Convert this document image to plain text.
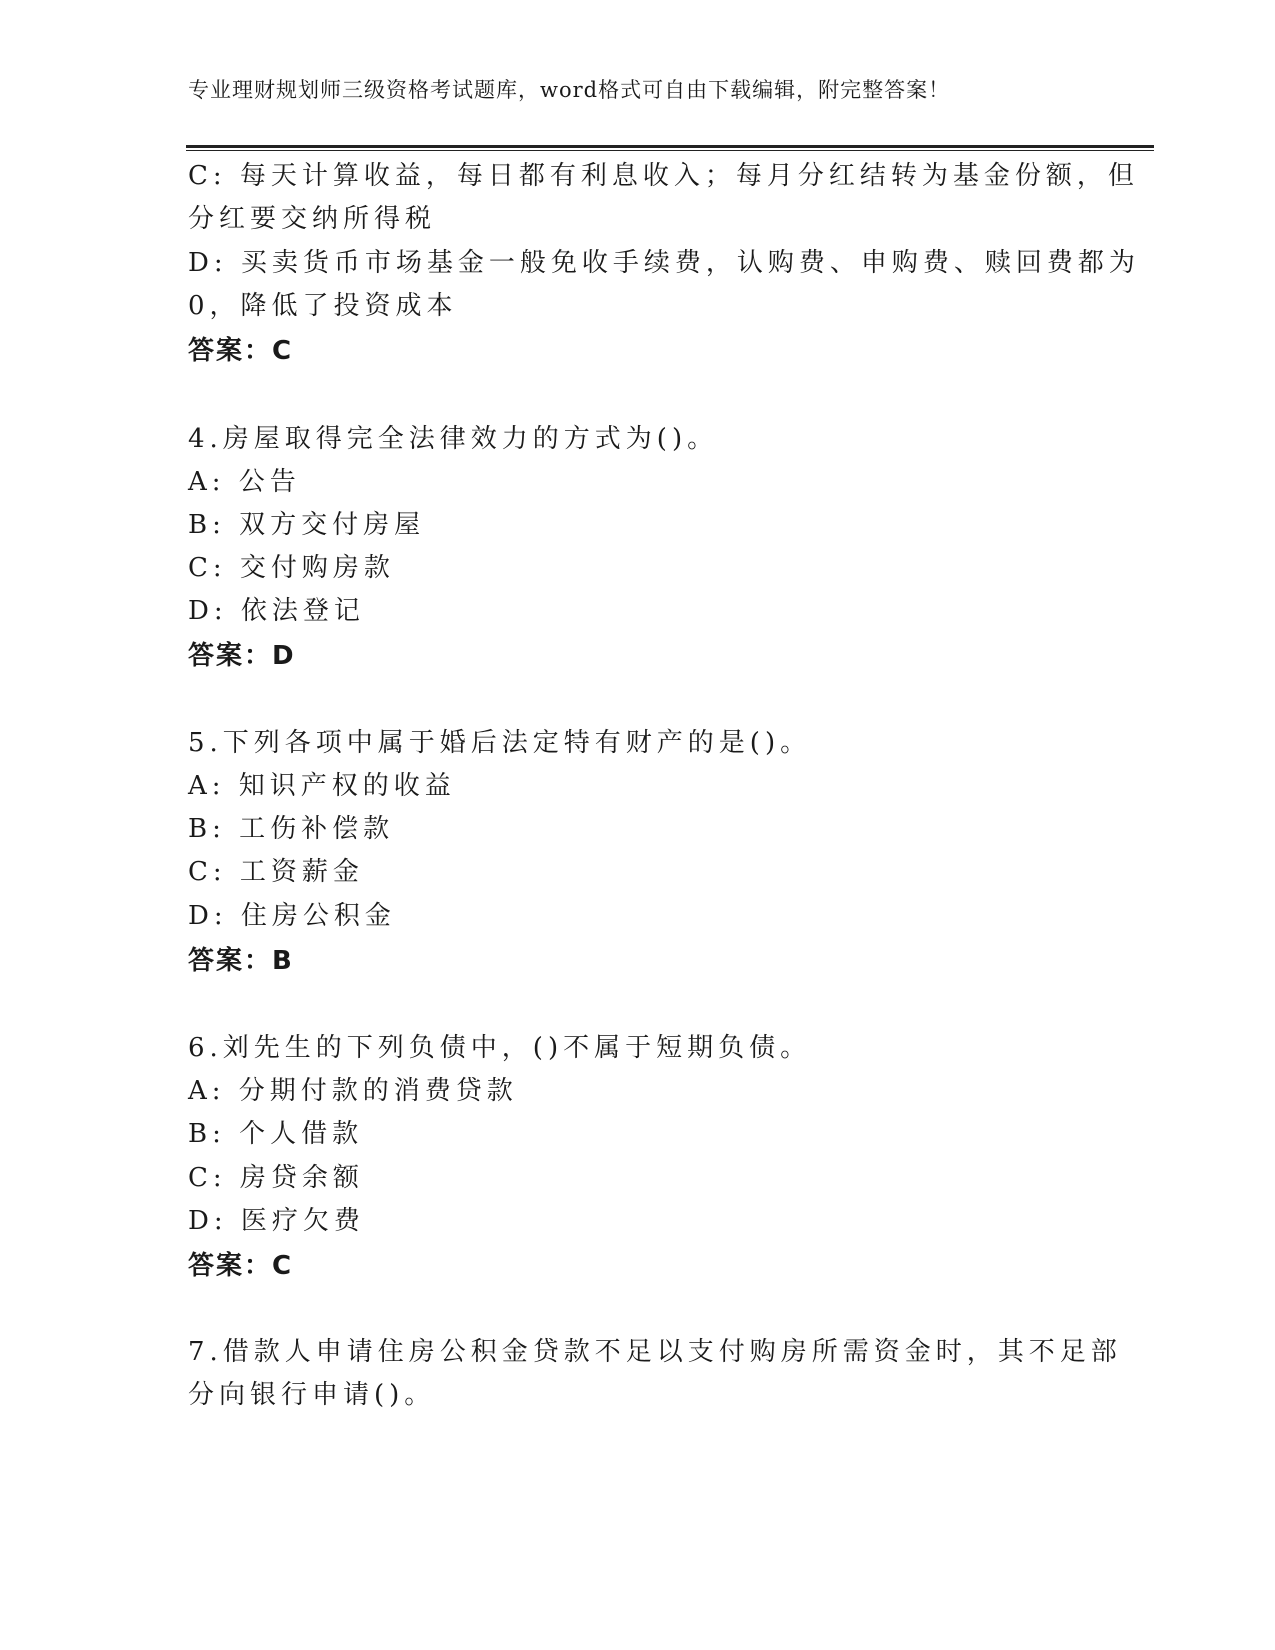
专业理财规划师三级资格考试题库，word格式可自由下载编辑，附完整答案！
C: 每天计算收益，每日都有利息收入；每月分红结转为基金份额，但
分红要交纳所得税
D: 买卖货币市场基金一般免收手续费，认购费、申购费、赎回费都为
0，降低了投资成本
答案：C
4.房屋取得完全法律效力的方式为()。
A: 公告
B: 双方交付房屋
C: 交付购房款
D: 依法登记
答案：D
5.下列各项中属于婚后法定特有财产的是()。
A: 知识产权的收益
B: 工伤补偿款
C: 工资薪金
D: 住房公积金
答案：B
6.刘先生的下列负债中，()不属于短期负债。
A: 分期付款的消费贷款
B: 个人借款
C: 房贷余额
D: 医疗欠费
答案：C
7.借款人申请住房公积金贷款不足以支付购房所需资金时，其不足部
分向银行申请()。
